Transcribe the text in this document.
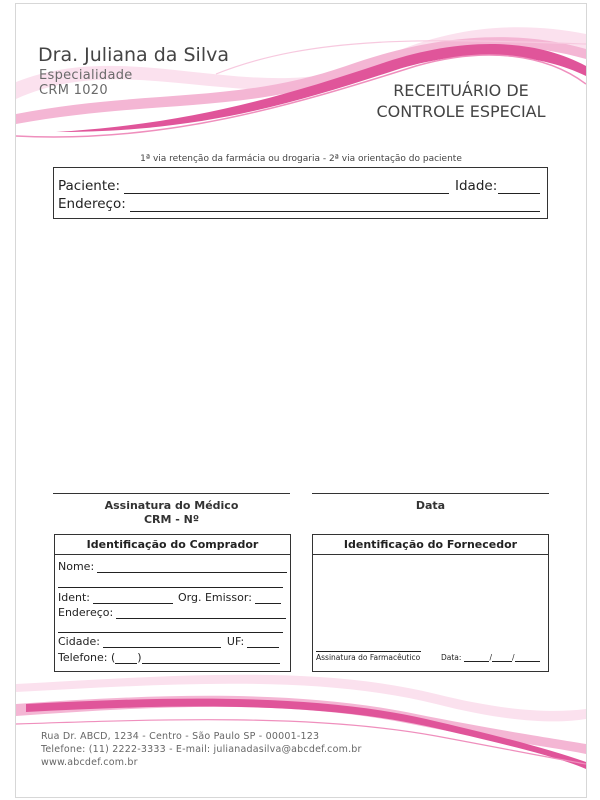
Dra. Juliana da Silva
Especialidade
CRM 1020	RECEITUÁRIO DE
CONTROLE ESPECIAL
1ª via retenção da farmácia ou drogaria - 2ª via orientação do paciente
Paciente:	Idade:
Endereço:
Assinatura do Médico
CRM - Nº
Data
Identificação do Comprador
Nome:
Ident:	Org. Emissor:
Endereço:
Cidade:	UF:
Telefone: ( )
Identificação do Fornecedor
Assinatura do Farmacêutico	Data:	/	/
Rua Dr. ABCD, 1234 - Centro - São Paulo SP - 00001-123
Telefone: (11) 2222-3333 - E-mail: julianadasilva@abcdef.com.br
www.abcdef.com.br
